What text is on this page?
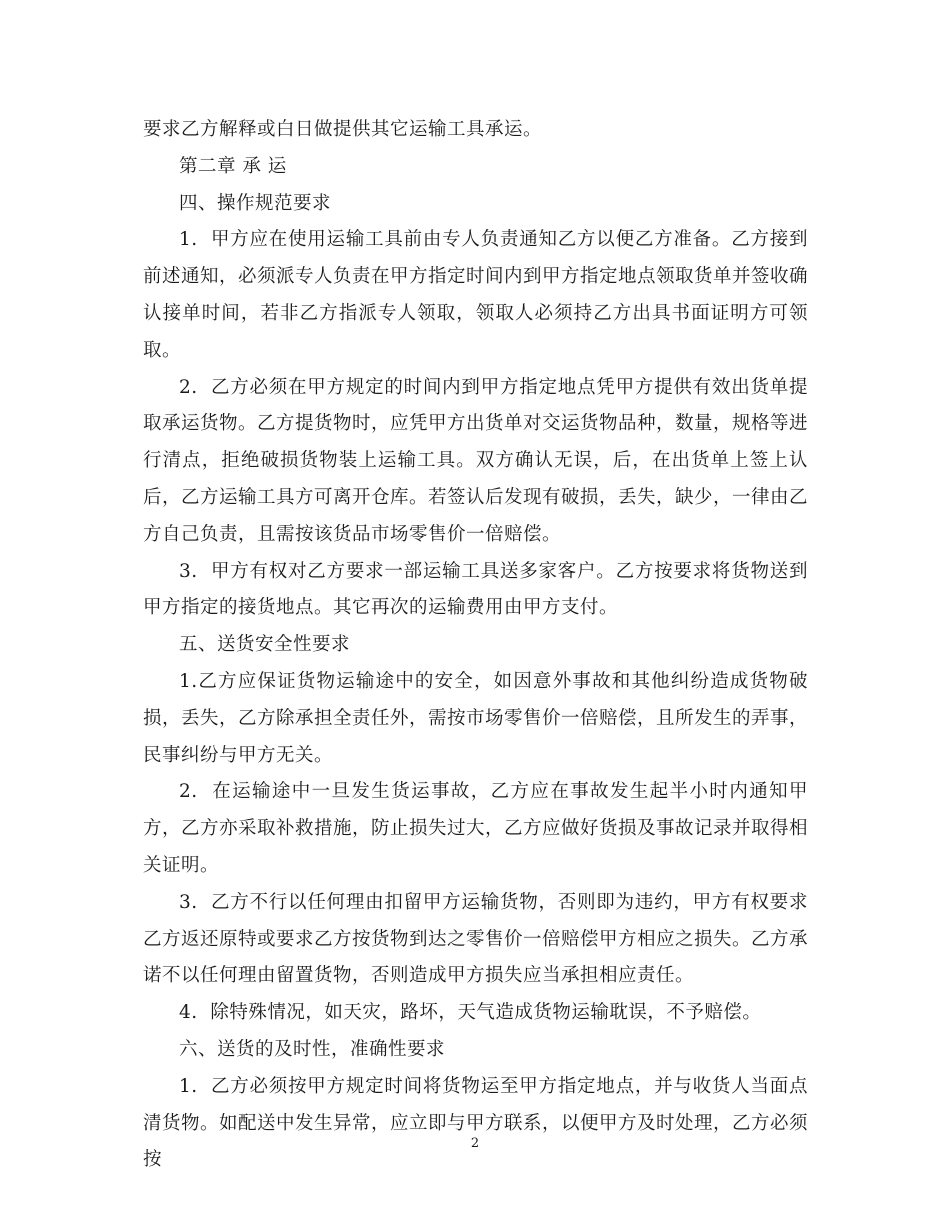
要求乙方解释或白日做提供其它运输工具承运。

第二章 承 运

四、操作规范要求

1.  甲方应在使用运输工具前由专人负责通知乙方以便乙方准备。乙方接到前述通知，必须派专人负责在甲方指定时间内到甲方指定地点领取货单并签收确认接单时间，若非乙方指派专人领取，领取人必须持乙方出具书面证明方可领取。

2.  乙方必须在甲方规定的时间内到甲方指定地点凭甲方提供有效出货单提取承运货物。乙方提货物时，应凭甲方出货单对交运货物品种，数量，规格等进行清点，拒绝破损货物装上运输工具。双方确认无误，后，在出货单上签上认后，乙方运输工具方可离开仓库。若签认后发现有破损，丢失，缺少，一律由乙方自己负责，且需按该货品市场零售价一倍赔偿。

3.  甲方有权对乙方要求一部运输工具送多家客户。乙方按要求将货物送到甲方指定的接货地点。其它再次的运输费用由甲方支付。

五、送货安全性要求

1.乙方应保证货物运输途中的安全，如因意外事故和其他纠纷造成货物破损，丢失，乙方除承担全责任外，需按市场零售价一倍赔偿，且所发生的弄事，民事纠纷与甲方无关。

2.  在运输途中一旦发生货运事故，乙方应在事故发生起半小时内通知甲方，乙方亦采取补救措施，防止损失过大，乙方应做好货损及事故记录并取得相关证明。

3.  乙方不行以任何理由扣留甲方运输货物，否则即为违约，甲方有权要求乙方返还原特或要求乙方按货物到达之零售价一倍赔偿甲方相应之损失。乙方承诺不以任何理由留置货物，否则造成甲方损失应当承担相应责任。

4.  除特殊情况，如天灾，路坏，天气造成货物运输耽误，不予赔偿。

六、送货的及时性，准确性要求

1.  乙方必须按甲方规定时间将货物运至甲方指定地点，并与收货人当面点清货物。如配送中发生异常，应立即与甲方联系，以便甲方及时处理，乙方必须按

2
